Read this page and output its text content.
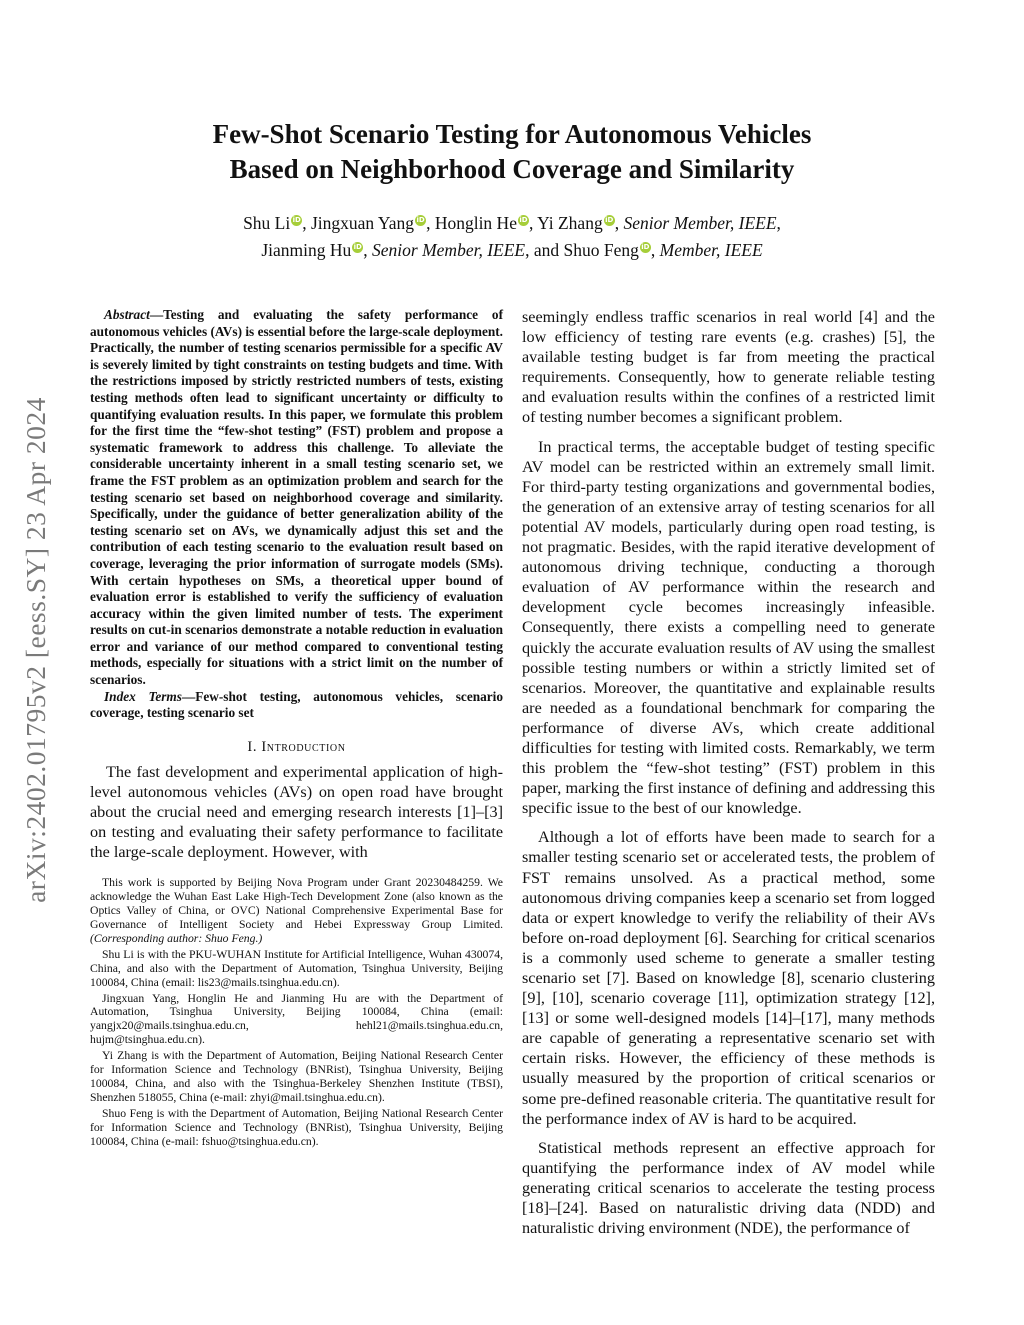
arXiv:2402.01795v2 [eess.SY] 23 Apr 2024
Few-Shot Scenario Testing for Autonomous Vehicles
Based on Neighborhood Coverage and Similarity
Shu Li iD, Jingxuan Yang iD, Honglin He iD, Yi Zhang iD, Senior Member, IEEE,
Jianming Hu iD, Senior Member, IEEE, and Shuo Feng iD, Member, IEEE

Abstract—Testing and evaluating the safety performance of autonomous vehicles (AVs) is essential before the large-scale deployment. Practically, the number of testing scenarios permissible for a specific AV is severely limited by tight constraints on testing budgets and time. With the restrictions imposed by strictly restricted numbers of tests, existing testing methods often lead to significant uncertainty or difficulty to quantifying evaluation results. In this paper, we formulate this problem for the first time the “few-shot testing” (FST) problem and propose a systematic framework to address this challenge. To alleviate the considerable uncertainty inherent in a small testing scenario set, we frame the FST problem as an optimization problem and search for the testing scenario set based on neighborhood coverage and similarity. Specifically, under the guidance of better generalization ability of the testing scenario set on AVs, we dynamically adjust this set and the contribution of each testing scenario to the evaluation result based on coverage, leveraging the prior information of surrogate models (SMs). With certain hypotheses on SMs, a theoretical upper bound of evaluation error is established to verify the sufficiency of evaluation accuracy within the given limited number of tests. The experiment results on cut-in scenarios demonstrate a notable reduction in evaluation error and variance of our method compared to conventional testing methods, especially for situations with a strict limit on the number of scenarios.

Index Terms—Few-shot testing, autonomous vehicles, scenario coverage, testing scenario set

I. Introduction

The fast development and experimental application of high-level autonomous vehicles (AVs) on open road have brought about the crucial need and emerging research interests [1]–[3] on testing and evaluating their safety performance to facilitate the large-scale deployment. However, with

This work is supported by Beijing Nova Program under Grant 20230484259. We acknowledge the Wuhan East Lake High-Tech Development Zone (also known as the Optics Valley of China, or OVC) National Comprehensive Experimental Base for Governance of Intelligent Society and Hebei Expressway Group Limited. (Corresponding author: Shuo Feng.)

Shu Li is with the PKU-WUHAN Institute for Artificial Intelligence, Wuhan 430074, China, and also with the Department of Automation, Tsinghua University, Beijing 100084, China (email: lis23@mails.tsinghua.edu.cn).

Jingxuan Yang, Honglin He and Jianming Hu are with the Department of Automation, Tsinghua University, Beijing 100084, China (email: yangjx20@mails.tsinghua.edu.cn, hehl21@mails.tsinghua.edu.cn, hujm@tsinghua.edu.cn).

Yi Zhang is with the Department of Automation, Beijing National Research Center for Information Science and Technology (BNRist), Tsinghua University, Beijing 100084, China, and also with the Tsinghua-Berkeley Shenzhen Institute (TBSI), Shenzhen 518055, China (e-mail: zhyi@mail.tsinghua.edu.cn).

Shuo Feng is with the Department of Automation, Beijing National Research Center for Information Science and Technology (BNRist), Tsinghua University, Beijing 100084, China (e-mail: fshuo@tsinghua.edu.cn).

seemingly endless traffic scenarios in real world [4] and the low efficiency of testing rare events (e.g. crashes) [5], the available testing budget is far from meeting the practical requirements. Consequently, how to generate reliable testing and evaluation results within the confines of a restricted limit of testing number becomes a significant problem.

In practical terms, the acceptable budget of testing specific AV model can be restricted within an extremely small limit. For third-party testing organizations and governmental bodies, the generation of an extensive array of testing scenarios for all potential AV models, particularly during open road testing, is not pragmatic. Besides, with the rapid iterative development of autonomous driving technique, conducting a thorough evaluation of AV performance within the research and development cycle becomes increasingly infeasible. Consequently, there exists a compelling need to generate quickly the accurate evaluation results of AV using the smallest possible testing numbers or within a strictly limited set of scenarios. Moreover, the quantitative and explainable results are needed as a foundational benchmark for comparing the performance of diverse AVs, which create additional difficulties for testing with limited costs. Remarkably, we term this problem the “few-shot testing” (FST) problem in this paper, marking the first instance of defining and addressing this specific issue to the best of our knowledge.

Although a lot of efforts have been made to search for a smaller testing scenario set or accelerated tests, the problem of FST remains unsolved. As a practical method, some autonomous driving companies keep a scenario set from logged data or expert knowledge to verify the reliability of their AVs before on-road deployment [6]. Searching for critical scenarios is a commonly used scheme to generate a smaller testing scenario set [7]. Based on knowledge [8], scenario clustering [9], [10], scenario coverage [11], optimization strategy [12], [13] or some well-designed models [14]–[17], many methods are capable of generating a representative scenario set with certain risks. However, the efficiency of these methods is usually measured by the proportion of critical scenarios or some pre-defined reasonable criteria. The quantitative result for the performance index of AV is hard to be acquired.

Statistical methods represent an effective approach for quantifying the performance index of AV model while generating critical scenarios to accelerate the testing process [18]–[24]. Based on naturalistic driving data (NDD) and naturalistic driving environment (NDE), the performance of
